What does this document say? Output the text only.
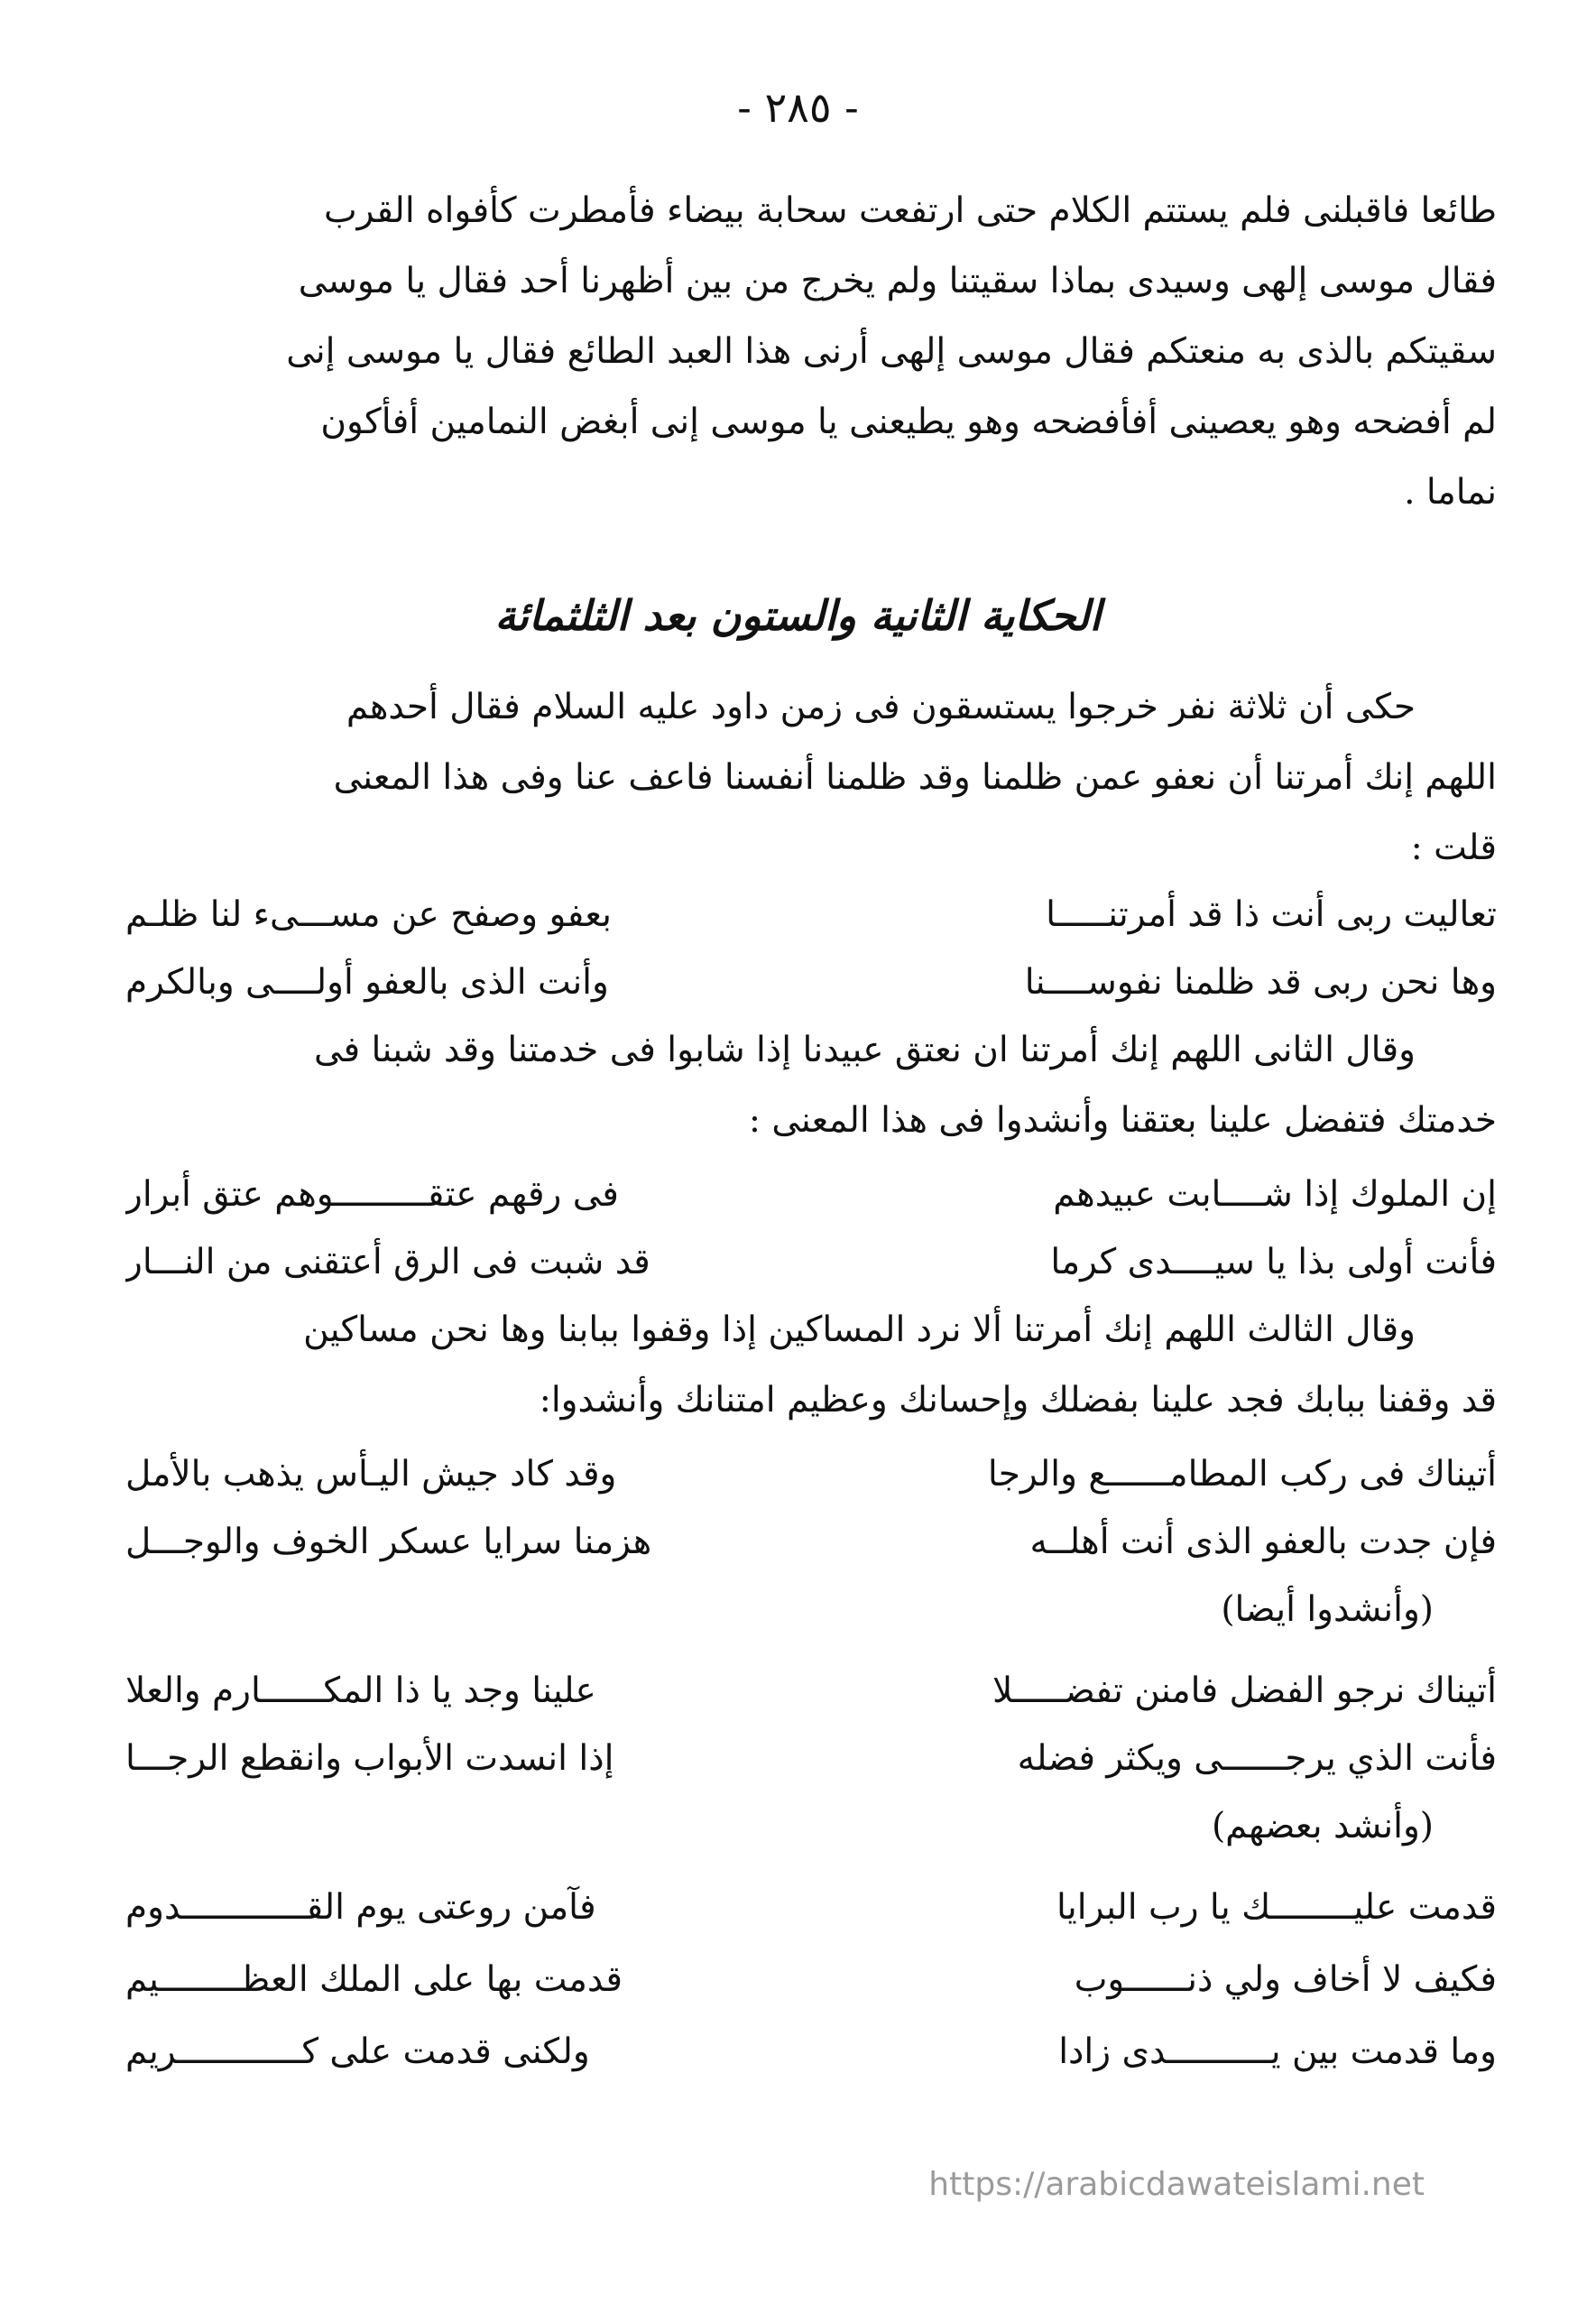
- ٢٨٥ -

طائعا فاقبلنى فلم يستتم الكلام حتى ارتفعت سحابة بيضاء فأمطرت كأفواه القرب

فقال موسى إلهى وسيدى بماذا سقيتنا ولم يخرج من بين أظهرنا أحد فقال يا موسى

سقيتكم بالذى به منعتكم فقال موسى إلهى أرنى هذا العبد الطائع فقال يا موسى إنى

لم أفضحه وهو يعصينى أفأفضحه وهو يطيعنى يا موسى إنى أبغض النمامين أفأكون

نماما .

الحكاية الثانية والستون بعد الثلثمائة

حكى أن ثلاثة نفر خرجوا يستسقون فى زمن داود عليه السلام فقال أحدهم

اللهم إنك أمرتنا أن نعفو عمن ظلمنا وقد ظلمنا أنفسنا فاعف عنا وفى هذا المعنى

قلت :

تعاليت ربى أنت ذا قد أمرتنـــــا
بعفو وصفح عن مســـىء لنا ظلـم
وها نحن ربى قد ظلمنا نفوســــنا
وأنت الذى بالعفو أولــــى وبالكرم

وقال الثانى اللهم إنك أمرتنا ان نعتق عبيدنا إذا شابوا فى خدمتنا وقد شبنا فى

خدمتك فتفضل علينا بعتقنا وأنشدوا فى هذا المعنى :

إن الملوك إذا شــــابت عبيدهم
فى رقهم عتقـــــــــوهم عتق أبرار
فأنت أولى بذا يا سيــــدى كرما
قد شبت فى الرق أعتقنى من النـــار

وقال الثالث اللهم إنك أمرتنا ألا نرد المساكين إذا وقفوا ببابنا وها نحن مساكين

قد وقفنا ببابك فجد علينا بفضلك وإحسانك وعظيم امتنانك وأنشدوا:

أتيناك فى ركب المطامــــــع والرجا
وقد كاد جيش اليـأس يذهب بالأمل
فإن جدت بالعفو الذى أنت أهلــه
هزمنا سرايا عسكر الخوف والوجـــل
(وأنشدوا أيضا)
أتيناك نرجو الفضل فامنن تفضـــــلا
علينا وجد يا ذا المكــــــارم والعلا
فأنت الذي يرجــــــى ويكثر فضله
إذا انسدت الأبواب وانقطع الرجـــا
(وأنشد بعضهم)
قدمت عليــــــــك يا رب البرايا
فآمن روعتى يوم القــــــــــــدوم
فكيف لا أخاف ولي ذنــــــوب
قدمت بها على الملك العظــــــــيم
وما قدمت بين يــــــــــدى زادا
ولكنى قدمت على كــــــــــــريم
https://arabicdawateislami.net
